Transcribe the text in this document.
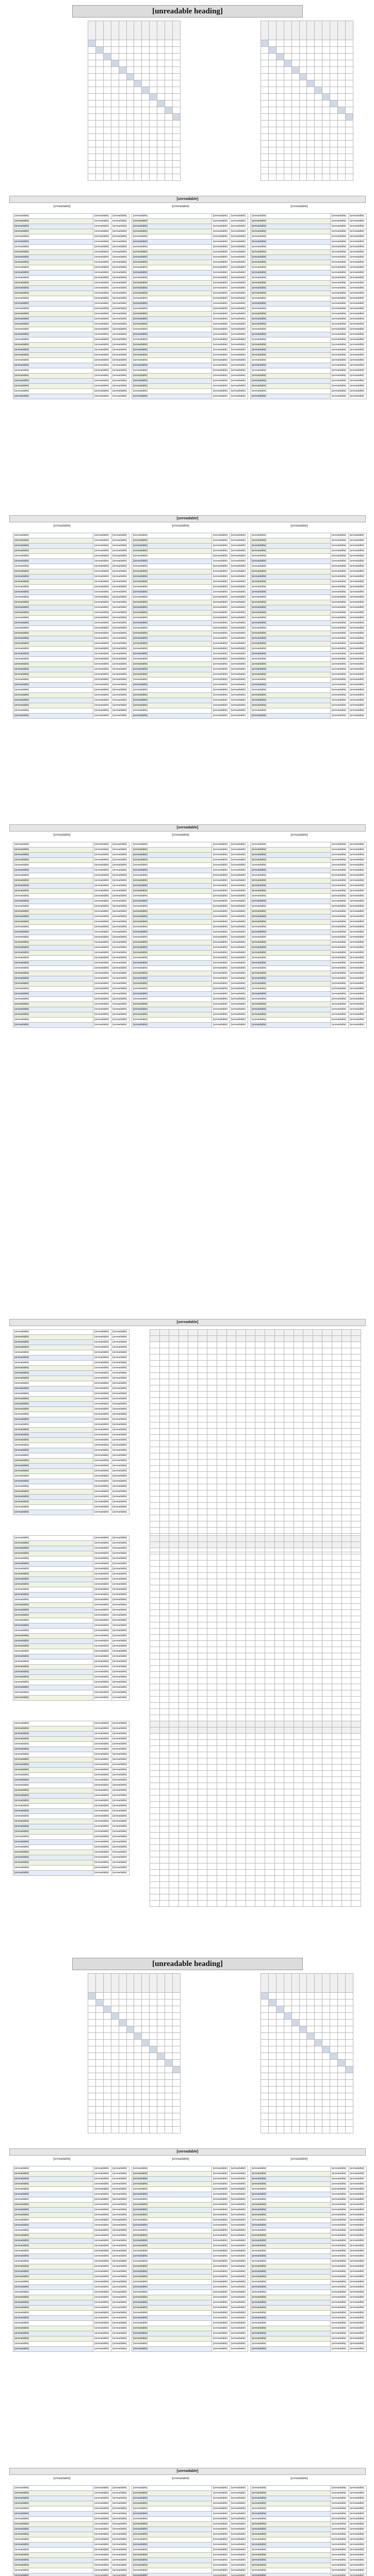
[unreadable heading]
[unreadable heading]

[unreadable]
[unreadable]	[unreadable]	[unreadable]
[unreadable]	[unreadable]	[unreadable]
[unreadable]	[unreadable]	[unreadable]
[unreadable]	[unreadable]	[unreadable]
[unreadable]	[unreadable]	[unreadable]
[unreadable]	[unreadable]	[unreadable]
[unreadable]	[unreadable]	[unreadable]
[unreadable]	[unreadable]	[unreadable]
[unreadable]	[unreadable]	[unreadable]
[unreadable]	[unreadable]	[unreadable]
[unreadable]	[unreadable]	[unreadable]
[unreadable]	[unreadable]	[unreadable]
[unreadable]	[unreadable]	[unreadable]
[unreadable]	[unreadable]	[unreadable]
[unreadable]	[unreadable]	[unreadable]
[unreadable]	[unreadable]	[unreadable]
[unreadable]	[unreadable]	[unreadable]
[unreadable]	[unreadable]	[unreadable]
[unreadable]	[unreadable]	[unreadable]
[unreadable]	[unreadable]	[unreadable]
[unreadable]	[unreadable]	[unreadable]
[unreadable]	[unreadable]	[unreadable]
[unreadable]	[unreadable]	[unreadable]
[unreadable]	[unreadable]	[unreadable]
[unreadable]	[unreadable]	[unreadable]
[unreadable]	[unreadable]	[unreadable]
[unreadable]	[unreadable]	[unreadable]
[unreadable]	[unreadable]	[unreadable]
[unreadable]	[unreadable]	[unreadable]
[unreadable]	[unreadable]	[unreadable]
[unreadable]	[unreadable]	[unreadable]
[unreadable]	[unreadable]	[unreadable]
[unreadable]	[unreadable]	[unreadable]
[unreadable]	[unreadable]	[unreadable]
[unreadable]	[unreadable]	[unreadable]
[unreadable]	[unreadable]	[unreadable]
[unreadable]	[unreadable]	[unreadable]
[unreadable]	[unreadable]	[unreadable]
[unreadable]	[unreadable]	[unreadable]
[unreadable]	[unreadable]	[unreadable]
[unreadable]	[unreadable]	[unreadable]
[unreadable]	[unreadable]	[unreadable]
[unreadable]	[unreadable]	[unreadable]
[unreadable]	[unreadable]	[unreadable]
[unreadable]	[unreadable]	[unreadable]
[unreadable]	[unreadable]	[unreadable]
[unreadable]	[unreadable]	[unreadable]
[unreadable]	[unreadable]	[unreadable]
[unreadable]	[unreadable]	[unreadable]
[unreadable]	[unreadable]	[unreadable]
[unreadable]	[unreadable]	[unreadable]
[unreadable]	[unreadable]	[unreadable]
[unreadable]	[unreadable]	[unreadable]
[unreadable]	[unreadable]	[unreadable]
[unreadable]	[unreadable]	[unreadable]
[unreadable]	[unreadable]	[unreadable]
[unreadable]	[unreadable]	[unreadable]
[unreadable]	[unreadable]	[unreadable]
[unreadable]	[unreadable]	[unreadable]
[unreadable]	[unreadable]	[unreadable]
[unreadable]	[unreadable]	[unreadable]
[unreadable]	[unreadable]	[unreadable]
[unreadable]	[unreadable]	[unreadable]
[unreadable]	[unreadable]	[unreadable]
[unreadable]	[unreadable]	[unreadable]
[unreadable]	[unreadable]	[unreadable]
[unreadable]	[unreadable]	[unreadable]
[unreadable]	[unreadable]	[unreadable]
[unreadable]	[unreadable]	[unreadable]
[unreadable]	[unreadable]	[unreadable]
[unreadable]	[unreadable]	[unreadable]
[unreadable]	[unreadable]	[unreadable]
[unreadable]	[unreadable]	[unreadable]
[unreadable]	[unreadable]	[unreadable]
[unreadable]	[unreadable]	[unreadable]
[unreadable]	[unreadable]	[unreadable]
[unreadable]	[unreadable]	[unreadable]
[unreadable]	[unreadable]	[unreadable]
[unreadable]	[unreadable]	[unreadable]
[unreadable]	[unreadable]	[unreadable]
[unreadable]	[unreadable]	[unreadable]
[unreadable]	[unreadable]	[unreadable]
[unreadable]	[unreadable]	[unreadable]
[unreadable]	[unreadable]	[unreadable]
[unreadable]	[unreadable]	[unreadable]
[unreadable]	[unreadable]	[unreadable]
[unreadable]	[unreadable]	[unreadable]
[unreadable]	[unreadable]	[unreadable]
[unreadable]	[unreadable]	[unreadable]
[unreadable]	[unreadable]	[unreadable]
[unreadable]	[unreadable]	[unreadable]
[unreadable]	[unreadable]	[unreadable]
[unreadable]	[unreadable]	[unreadable]
[unreadable]	[unreadable]	[unreadable]
[unreadable]	[unreadable]	[unreadable]
[unreadable]	[unreadable]	[unreadable]
[unreadable]	[unreadable]	[unreadable]
[unreadable]	[unreadable]	[unreadable]
[unreadable]	[unreadable]	[unreadable]
[unreadable]	[unreadable]	[unreadable]
[unreadable]	[unreadable]	[unreadable]
[unreadable]	[unreadable]	[unreadable]
[unreadable]	[unreadable]	[unreadable]
[unreadable]	[unreadable]	[unreadable]
[unreadable]	[unreadable]	[unreadable]
[unreadable]	[unreadable]	[unreadable]
[unreadable]	[unreadable]	[unreadable]
[unreadable]	[unreadable]	[unreadable]
[unreadable]	[unreadable]	[unreadable]
[unreadable]
[unreadable]	[unreadable]	[unreadable]
[unreadable]	[unreadable]	[unreadable]
[unreadable]	[unreadable]	[unreadable]
[unreadable]	[unreadable]	[unreadable]
[unreadable]	[unreadable]	[unreadable]
[unreadable]	[unreadable]	[unreadable]
[unreadable]	[unreadable]	[unreadable]
[unreadable]	[unreadable]	[unreadable]
[unreadable]	[unreadable]	[unreadable]
[unreadable]	[unreadable]	[unreadable]
[unreadable]	[unreadable]	[unreadable]
[unreadable]	[unreadable]	[unreadable]
[unreadable]	[unreadable]	[unreadable]
[unreadable]	[unreadable]	[unreadable]
[unreadable]	[unreadable]	[unreadable]
[unreadable]	[unreadable]	[unreadable]
[unreadable]	[unreadable]	[unreadable]
[unreadable]	[unreadable]	[unreadable]
[unreadable]	[unreadable]	[unreadable]
[unreadable]	[unreadable]	[unreadable]
[unreadable]	[unreadable]	[unreadable]
[unreadable]	[unreadable]	[unreadable]
[unreadable]	[unreadable]	[unreadable]
[unreadable]	[unreadable]	[unreadable]
[unreadable]	[unreadable]	[unreadable]
[unreadable]	[unreadable]	[unreadable]
[unreadable]	[unreadable]	[unreadable]
[unreadable]	[unreadable]	[unreadable]
[unreadable]	[unreadable]	[unreadable]
[unreadable]	[unreadable]	[unreadable]
[unreadable]	[unreadable]	[unreadable]
[unreadable]	[unreadable]	[unreadable]
[unreadable]	[unreadable]	[unreadable]
[unreadable]	[unreadable]	[unreadable]
[unreadable]	[unreadable]	[unreadable]
[unreadable]	[unreadable]	[unreadable]
[unreadable]	[unreadable]	[unreadable]
[unreadable]	[unreadable]	[unreadable]
[unreadable]	[unreadable]	[unreadable]
[unreadable]	[unreadable]	[unreadable]
[unreadable]	[unreadable]	[unreadable]
[unreadable]	[unreadable]	[unreadable]
[unreadable]	[unreadable]	[unreadable]
[unreadable]	[unreadable]	[unreadable]
[unreadable]	[unreadable]	[unreadable]
[unreadable]	[unreadable]	[unreadable]
[unreadable]	[unreadable]	[unreadable]
[unreadable]	[unreadable]	[unreadable]
[unreadable]	[unreadable]	[unreadable]
[unreadable]	[unreadable]	[unreadable]
[unreadable]	[unreadable]	[unreadable]
[unreadable]	[unreadable]	[unreadable]
[unreadable]	[unreadable]	[unreadable]
[unreadable]	[unreadable]	[unreadable]
[unreadable]	[unreadable]	[unreadable]
[unreadable]	[unreadable]	[unreadable]
[unreadable]	[unreadable]	[unreadable]
[unreadable]	[unreadable]	[unreadable]
[unreadable]	[unreadable]	[unreadable]
[unreadable]	[unreadable]	[unreadable]
[unreadable]	[unreadable]	[unreadable]
[unreadable]	[unreadable]	[unreadable]
[unreadable]	[unreadable]	[unreadable]
[unreadable]	[unreadable]	[unreadable]
[unreadable]	[unreadable]	[unreadable]
[unreadable]	[unreadable]	[unreadable]
[unreadable]	[unreadable]	[unreadable]
[unreadable]	[unreadable]	[unreadable]
[unreadable]	[unreadable]	[unreadable]
[unreadable]	[unreadable]	[unreadable]
[unreadable]	[unreadable]	[unreadable]
[unreadable]	[unreadable]	[unreadable]
[unreadable]	[unreadable]	[unreadable]
[unreadable]	[unreadable]	[unreadable]
[unreadable]	[unreadable]	[unreadable]
[unreadable]	[unreadable]	[unreadable]
[unreadable]	[unreadable]	[unreadable]
[unreadable]	[unreadable]	[unreadable]
[unreadable]	[unreadable]	[unreadable]
[unreadable]	[unreadable]	[unreadable]
[unreadable]	[unreadable]	[unreadable]
[unreadable]	[unreadable]	[unreadable]
[unreadable]	[unreadable]	[unreadable]
[unreadable]	[unreadable]	[unreadable]
[unreadable]	[unreadable]	[unreadable]
[unreadable]	[unreadable]	[unreadable]
[unreadable]	[unreadable]	[unreadable]
[unreadable]	[unreadable]	[unreadable]
[unreadable]	[unreadable]	[unreadable]
[unreadable]	[unreadable]	[unreadable]
[unreadable]	[unreadable]	[unreadable]
[unreadable]	[unreadable]	[unreadable]
[unreadable]	[unreadable]	[unreadable]
[unreadable]	[unreadable]	[unreadable]
[unreadable]	[unreadable]	[unreadable]
[unreadable]	[unreadable]	[unreadable]
[unreadable]	[unreadable]	[unreadable]
[unreadable]	[unreadable]	[unreadable]
[unreadable]	[unreadable]	[unreadable]
[unreadable]	[unreadable]	[unreadable]
[unreadable]	[unreadable]	[unreadable]
[unreadable]	[unreadable]	[unreadable]
[unreadable]	[unreadable]	[unreadable]
[unreadable]	[unreadable]	[unreadable]
[unreadable]	[unreadable]	[unreadable]
[unreadable]	[unreadable]	[unreadable]
[unreadable]	[unreadable]	[unreadable]
[unreadable]	[unreadable]	[unreadable]
[unreadable]	[unreadable]	[unreadable]
[unreadable]
[unreadable]	[unreadable]	[unreadable]
[unreadable]	[unreadable]	[unreadable]
[unreadable]	[unreadable]	[unreadable]
[unreadable]	[unreadable]	[unreadable]
[unreadable]	[unreadable]	[unreadable]
[unreadable]	[unreadable]	[unreadable]
[unreadable]	[unreadable]	[unreadable]
[unreadable]	[unreadable]	[unreadable]
[unreadable]	[unreadable]	[unreadable]
[unreadable]	[unreadable]	[unreadable]
[unreadable]	[unreadable]	[unreadable]
[unreadable]	[unreadable]	[unreadable]
[unreadable]	[unreadable]	[unreadable]
[unreadable]	[unreadable]	[unreadable]
[unreadable]	[unreadable]	[unreadable]
[unreadable]	[unreadable]	[unreadable]
[unreadable]	[unreadable]	[unreadable]
[unreadable]	[unreadable]	[unreadable]
[unreadable]	[unreadable]	[unreadable]
[unreadable]	[unreadable]	[unreadable]
[unreadable]	[unreadable]	[unreadable]
[unreadable]	[unreadable]	[unreadable]
[unreadable]	[unreadable]	[unreadable]
[unreadable]	[unreadable]	[unreadable]
[unreadable]	[unreadable]	[unreadable]
[unreadable]	[unreadable]	[unreadable]
[unreadable]	[unreadable]	[unreadable]
[unreadable]	[unreadable]	[unreadable]
[unreadable]	[unreadable]	[unreadable]
[unreadable]	[unreadable]	[unreadable]
[unreadable]	[unreadable]	[unreadable]
[unreadable]	[unreadable]	[unreadable]
[unreadable]	[unreadable]	[unreadable]
[unreadable]	[unreadable]	[unreadable]
[unreadable]	[unreadable]	[unreadable]
[unreadable]	[unreadable]	[unreadable]
[unreadable]	[unreadable]	[unreadable]
[unreadable]	[unreadable]	[unreadable]
[unreadable]	[unreadable]	[unreadable]
[unreadable]	[unreadable]	[unreadable]
[unreadable]	[unreadable]	[unreadable]
[unreadable]	[unreadable]	[unreadable]
[unreadable]	[unreadable]	[unreadable]
[unreadable]	[unreadable]	[unreadable]
[unreadable]	[unreadable]	[unreadable]
[unreadable]	[unreadable]	[unreadable]
[unreadable]	[unreadable]	[unreadable]
[unreadable]	[unreadable]	[unreadable]
[unreadable]	[unreadable]	[unreadable]
[unreadable]	[unreadable]	[unreadable]
[unreadable]	[unreadable]	[unreadable]
[unreadable]	[unreadable]	[unreadable]
[unreadable]	[unreadable]	[unreadable]
[unreadable]	[unreadable]	[unreadable]
[unreadable]	[unreadable]	[unreadable]
[unreadable]	[unreadable]	[unreadable]
[unreadable]	[unreadable]	[unreadable]
[unreadable]	[unreadable]	[unreadable]
[unreadable]	[unreadable]	[unreadable]
[unreadable]	[unreadable]	[unreadable]
[unreadable]	[unreadable]	[unreadable]
[unreadable]	[unreadable]	[unreadable]
[unreadable]	[unreadable]	[unreadable]
[unreadable]	[unreadable]	[unreadable]
[unreadable]	[unreadable]	[unreadable]
[unreadable]	[unreadable]	[unreadable]
[unreadable]	[unreadable]	[unreadable]
[unreadable]	[unreadable]	[unreadable]
[unreadable]	[unreadable]	[unreadable]
[unreadable]	[unreadable]	[unreadable]
[unreadable]	[unreadable]	[unreadable]
[unreadable]	[unreadable]	[unreadable]
[unreadable]	[unreadable]	[unreadable]
[unreadable]	[unreadable]	[unreadable]
[unreadable]	[unreadable]	[unreadable]
[unreadable]	[unreadable]	[unreadable]
[unreadable]	[unreadable]	[unreadable]
[unreadable]	[unreadable]	[unreadable]
[unreadable]	[unreadable]	[unreadable]
[unreadable]	[unreadable]	[unreadable]
[unreadable]	[unreadable]	[unreadable]
[unreadable]	[unreadable]	[unreadable]
[unreadable]	[unreadable]	[unreadable]
[unreadable]	[unreadable]	[unreadable]
[unreadable]	[unreadable]	[unreadable]
[unreadable]	[unreadable]	[unreadable]
[unreadable]	[unreadable]	[unreadable]
[unreadable]	[unreadable]	[unreadable]
[unreadable]	[unreadable]	[unreadable]
[unreadable]	[unreadable]	[unreadable]
[unreadable]	[unreadable]	[unreadable]
[unreadable]	[unreadable]	[unreadable]
[unreadable]	[unreadable]	[unreadable]
[unreadable]	[unreadable]	[unreadable]
[unreadable]	[unreadable]	[unreadable]
[unreadable]	[unreadable]	[unreadable]
[unreadable]	[unreadable]	[unreadable]
[unreadable]	[unreadable]	[unreadable]
[unreadable]	[unreadable]	[unreadable]
[unreadable]	[unreadable]	[unreadable]
[unreadable]	[unreadable]	[unreadable]
[unreadable]	[unreadable]	[unreadable]
[unreadable]	[unreadable]	[unreadable]
[unreadable]	[unreadable]	[unreadable]
[unreadable]	[unreadable]	[unreadable]
[unreadable]	[unreadable]	[unreadable]
[unreadable]	[unreadable]	[unreadable]
[unreadable]	[unreadable]	[unreadable]
[unreadable]	[unreadable]	[unreadable]
[unreadable]
[unreadable]	[unreadable]	[unreadable]
[unreadable]	[unreadable]	[unreadable]
[unreadable]	[unreadable]	[unreadable]
[unreadable]	[unreadable]	[unreadable]
[unreadable]	[unreadable]	[unreadable]
[unreadable]	[unreadable]	[unreadable]
[unreadable]	[unreadable]	[unreadable]
[unreadable]	[unreadable]	[unreadable]
[unreadable]	[unreadable]	[unreadable]
[unreadable]	[unreadable]	[unreadable]
[unreadable]	[unreadable]	[unreadable]
[unreadable]	[unreadable]	[unreadable]
[unreadable]	[unreadable]	[unreadable]
[unreadable]	[unreadable]	[unreadable]
[unreadable]	[unreadable]	[unreadable]
[unreadable]	[unreadable]	[unreadable]
[unreadable]	[unreadable]	[unreadable]
[unreadable]	[unreadable]	[unreadable]
[unreadable]	[unreadable]	[unreadable]
[unreadable]	[unreadable]	[unreadable]
[unreadable]	[unreadable]	[unreadable]
[unreadable]	[unreadable]	[unreadable]
[unreadable]	[unreadable]	[unreadable]
[unreadable]	[unreadable]	[unreadable]
[unreadable]	[unreadable]	[unreadable]
[unreadable]	[unreadable]	[unreadable]
[unreadable]	[unreadable]	[unreadable]
[unreadable]	[unreadable]	[unreadable]
[unreadable]	[unreadable]	[unreadable]
[unreadable]	[unreadable]	[unreadable]
[unreadable]	[unreadable]	[unreadable]
[unreadable]	[unreadable]	[unreadable]
[unreadable]	[unreadable]	[unreadable]
[unreadable]	[unreadable]	[unreadable]
[unreadable]	[unreadable]	[unreadable]
[unreadable]	[unreadable]	[unreadable]

[unreadable]	[unreadable]	[unreadable]
[unreadable]	[unreadable]	[unreadable]
[unreadable]	[unreadable]	[unreadable]
[unreadable]	[unreadable]	[unreadable]
[unreadable]	[unreadable]	[unreadable]
[unreadable]	[unreadable]	[unreadable]
[unreadable]	[unreadable]	[unreadable]
[unreadable]	[unreadable]	[unreadable]
[unreadable]	[unreadable]	[unreadable]
[unreadable]	[unreadable]	[unreadable]
[unreadable]	[unreadable]	[unreadable]
[unreadable]	[unreadable]	[unreadable]
[unreadable]	[unreadable]	[unreadable]
[unreadable]	[unreadable]	[unreadable]
[unreadable]	[unreadable]	[unreadable]
[unreadable]	[unreadable]	[unreadable]
[unreadable]	[unreadable]	[unreadable]
[unreadable]	[unreadable]	[unreadable]
[unreadable]	[unreadable]	[unreadable]
[unreadable]	[unreadable]	[unreadable]
[unreadable]	[unreadable]	[unreadable]
[unreadable]	[unreadable]	[unreadable]
[unreadable]	[unreadable]	[unreadable]
[unreadable]	[unreadable]	[unreadable]
[unreadable]	[unreadable]	[unreadable]
[unreadable]	[unreadable]	[unreadable]
[unreadable]	[unreadable]	[unreadable]
[unreadable]	[unreadable]	[unreadable]
[unreadable]	[unreadable]	[unreadable]
[unreadable]	[unreadable]	[unreadable]
[unreadable]	[unreadable]	[unreadable]
[unreadable]	[unreadable]	[unreadable]

[unreadable]	[unreadable]	[unreadable]
[unreadable]	[unreadable]	[unreadable]
[unreadable]	[unreadable]	[unreadable]
[unreadable]	[unreadable]	[unreadable]
[unreadable]	[unreadable]	[unreadable]
[unreadable]	[unreadable]	[unreadable]
[unreadable]	[unreadable]	[unreadable]
[unreadable]	[unreadable]	[unreadable]
[unreadable]	[unreadable]	[unreadable]
[unreadable]	[unreadable]	[unreadable]
[unreadable]	[unreadable]	[unreadable]
[unreadable]	[unreadable]	[unreadable]
[unreadable]	[unreadable]	[unreadable]
[unreadable]	[unreadable]	[unreadable]
[unreadable]	[unreadable]	[unreadable]
[unreadable]	[unreadable]	[unreadable]
[unreadable]	[unreadable]	[unreadable]
[unreadable]	[unreadable]	[unreadable]
[unreadable]	[unreadable]	[unreadable]
[unreadable]	[unreadable]	[unreadable]
[unreadable]	[unreadable]	[unreadable]
[unreadable]	[unreadable]	[unreadable]
[unreadable]	[unreadable]	[unreadable]
[unreadable]	[unreadable]	[unreadable]
[unreadable]	[unreadable]	[unreadable]
[unreadable]	[unreadable]	[unreadable]
[unreadable]	[unreadable]	[unreadable]
[unreadable]	[unreadable]	[unreadable]
[unreadable]	[unreadable]	[unreadable]
[unreadable]	[unreadable]	[unreadable]

[unreadable]
[unreadable]	[unreadable]	[unreadable]
[unreadable]	[unreadable]	[unreadable]
[unreadable]	[unreadable]	[unreadable]
[unreadable]	[unreadable]	[unreadable]
[unreadable]	[unreadable]	[unreadable]
[unreadable]	[unreadable]	[unreadable]
[unreadable]	[unreadable]	[unreadable]
[unreadable]	[unreadable]	[unreadable]
[unreadable]	[unreadable]	[unreadable]
[unreadable]	[unreadable]	[unreadable]
[unreadable]	[unreadable]	[unreadable]
[unreadable]	[unreadable]	[unreadable]
[unreadable]	[unreadable]	[unreadable]
[unreadable]	[unreadable]	[unreadable]
[unreadable]	[unreadable]	[unreadable]
[unreadable]	[unreadable]	[unreadable]
[unreadable]	[unreadable]	[unreadable]
[unreadable]	[unreadable]	[unreadable]
[unreadable]	[unreadable]	[unreadable]
[unreadable]	[unreadable]	[unreadable]
[unreadable]	[unreadable]	[unreadable]
[unreadable]	[unreadable]	[unreadable]
[unreadable]	[unreadable]	[unreadable]
[unreadable]	[unreadable]	[unreadable]
[unreadable]	[unreadable]	[unreadable]
[unreadable]	[unreadable]	[unreadable]
[unreadable]	[unreadable]	[unreadable]
[unreadable]	[unreadable]	[unreadable]
[unreadable]	[unreadable]	[unreadable]
[unreadable]	[unreadable]	[unreadable]
[unreadable]	[unreadable]	[unreadable]
[unreadable]	[unreadable]	[unreadable]
[unreadable]	[unreadable]	[unreadable]
[unreadable]	[unreadable]	[unreadable]
[unreadable]	[unreadable]	[unreadable]
[unreadable]	[unreadable]	[unreadable]
[unreadable]	[unreadable]	[unreadable]
[unreadable]	[unreadable]	[unreadable]
[unreadable]	[unreadable]	[unreadable]
[unreadable]	[unreadable]	[unreadable]
[unreadable]	[unreadable]	[unreadable]
[unreadable]	[unreadable]	[unreadable]
[unreadable]	[unreadable]	[unreadable]
[unreadable]	[unreadable]	[unreadable]
[unreadable]	[unreadable]	[unreadable]
[unreadable]	[unreadable]	[unreadable]
[unreadable]	[unreadable]	[unreadable]
[unreadable]	[unreadable]	[unreadable]
[unreadable]	[unreadable]	[unreadable]
[unreadable]	[unreadable]	[unreadable]
[unreadable]	[unreadable]	[unreadable]
[unreadable]	[unreadable]	[unreadable]
[unreadable]	[unreadable]	[unreadable]
[unreadable]	[unreadable]	[unreadable]
[unreadable]	[unreadable]	[unreadable]
[unreadable]	[unreadable]	[unreadable]
[unreadable]	[unreadable]	[unreadable]
[unreadable]	[unreadable]	[unreadable]
[unreadable]	[unreadable]	[unreadable]
[unreadable]	[unreadable]	[unreadable]
[unreadable]	[unreadable]	[unreadable]
[unreadable]	[unreadable]	[unreadable]
[unreadable]	[unreadable]	[unreadable]
[unreadable]	[unreadable]	[unreadable]
[unreadable]	[unreadable]	[unreadable]
[unreadable]	[unreadable]	[unreadable]
[unreadable]	[unreadable]	[unreadable]
[unreadable]	[unreadable]	[unreadable]
[unreadable]	[unreadable]	[unreadable]
[unreadable]	[unreadable]	[unreadable]
[unreadable]	[unreadable]	[unreadable]
[unreadable]	[unreadable]	[unreadable]
[unreadable]	[unreadable]	[unreadable]
[unreadable]	[unreadable]	[unreadable]
[unreadable]	[unreadable]	[unreadable]
[unreadable]	[unreadable]	[unreadable]
[unreadable]	[unreadable]	[unreadable]
[unreadable]	[unreadable]	[unreadable]
[unreadable]	[unreadable]	[unreadable]
[unreadable]	[unreadable]	[unreadable]
[unreadable]	[unreadable]	[unreadable]
[unreadable]	[unreadable]	[unreadable]
[unreadable]	[unreadable]	[unreadable]
[unreadable]	[unreadable]	[unreadable]
[unreadable]	[unreadable]	[unreadable]
[unreadable]	[unreadable]	[unreadable]
[unreadable]	[unreadable]	[unreadable]
[unreadable]	[unreadable]	[unreadable]
[unreadable]	[unreadable]	[unreadable]
[unreadable]	[unreadable]	[unreadable]
[unreadable]	[unreadable]	[unreadable]
[unreadable]	[unreadable]	[unreadable]
[unreadable]	[unreadable]	[unreadable]
[unreadable]	[unreadable]	[unreadable]
[unreadable]	[unreadable]	[unreadable]
[unreadable]	[unreadable]	[unreadable]
[unreadable]	[unreadable]	[unreadable]
[unreadable]	[unreadable]	[unreadable]
[unreadable]	[unreadable]	[unreadable]
[unreadable]	[unreadable]	[unreadable]
[unreadable]	[unreadable]	[unreadable]
[unreadable]	[unreadable]	[unreadable]
[unreadable]	[unreadable]	[unreadable]
[unreadable]	[unreadable]	[unreadable]
[unreadable]	[unreadable]	[unreadable]
[unreadable]	[unreadable]	[unreadable]
[unreadable]	[unreadable]	[unreadable]
[unreadable]	[unreadable]	[unreadable]
[unreadable]	[unreadable]	[unreadable]
[unreadable]
[unreadable]	[unreadable]	[unreadable]
[unreadable]	[unreadable]	[unreadable]
[unreadable]	[unreadable]	[unreadable]
[unreadable]	[unreadable]	[unreadable]
[unreadable]	[unreadable]	[unreadable]
[unreadable]	[unreadable]	[unreadable]
[unreadable]	[unreadable]	[unreadable]
[unreadable]	[unreadable]	[unreadable]
[unreadable]	[unreadable]	[unreadable]
[unreadable]	[unreadable]	[unreadable]
[unreadable]	[unreadable]	[unreadable]
[unreadable]	[unreadable]	[unreadable]
[unreadable]	[unreadable]	[unreadable]
[unreadable]	[unreadable]	[unreadable]
[unreadable]	[unreadable]	[unreadable]
[unreadable]	[unreadable]	[unreadable]
[unreadable]	[unreadable]	[unreadable]
[unreadable]	[unreadable]	[unreadable]
[unreadable]	[unreadable]	[unreadable]

[unreadable]	[unreadable]	[unreadable]
[unreadable]	[unreadable]	[unreadable]
[unreadable]	[unreadable]	[unreadable]
[unreadable]	[unreadable]	[unreadable]
[unreadable]	[unreadable]	[unreadable]
[unreadable]	[unreadable]	[unreadable]
[unreadable]	[unreadable]	[unreadable]
[unreadable]	[unreadable]	[unreadable]
[unreadable]	[unreadable]	[unreadable]
[unreadable]	[unreadable]	[unreadable]
[unreadable]	[unreadable]	[unreadable]
[unreadable]	[unreadable]	[unreadable]
[unreadable]	[unreadable]	[unreadable]
[unreadable]	[unreadable]	[unreadable]
[unreadable]	[unreadable]	[unreadable]
[unreadable]	[unreadable]	[unreadable]
[unreadable]	[unreadable]	[unreadable]
[unreadable]	[unreadable]	[unreadable]

[unreadable]	[unreadable]	[unreadable]
[unreadable]	[unreadable]	[unreadable]
[unreadable]	[unreadable]	[unreadable]
[unreadable]	[unreadable]	[unreadable]
[unreadable]	[unreadable]	[unreadable]
[unreadable]	[unreadable]	[unreadable]
[unreadable]	[unreadable]	[unreadable]
[unreadable]	[unreadable]	[unreadable]
[unreadable]	[unreadable]	[unreadable]
[unreadable]	[unreadable]	[unreadable]
[unreadable]	[unreadable]	[unreadable]
[unreadable]	[unreadable]	[unreadable]
[unreadable]	[unreadable]	[unreadable]
[unreadable]	[unreadable]	[unreadable]
[unreadable]	[unreadable]	[unreadable]
[unreadable]	[unreadable]	[unreadable]
[unreadable]	[unreadable]	[unreadable]
[unreadable]	[unreadable]	[unreadable]
